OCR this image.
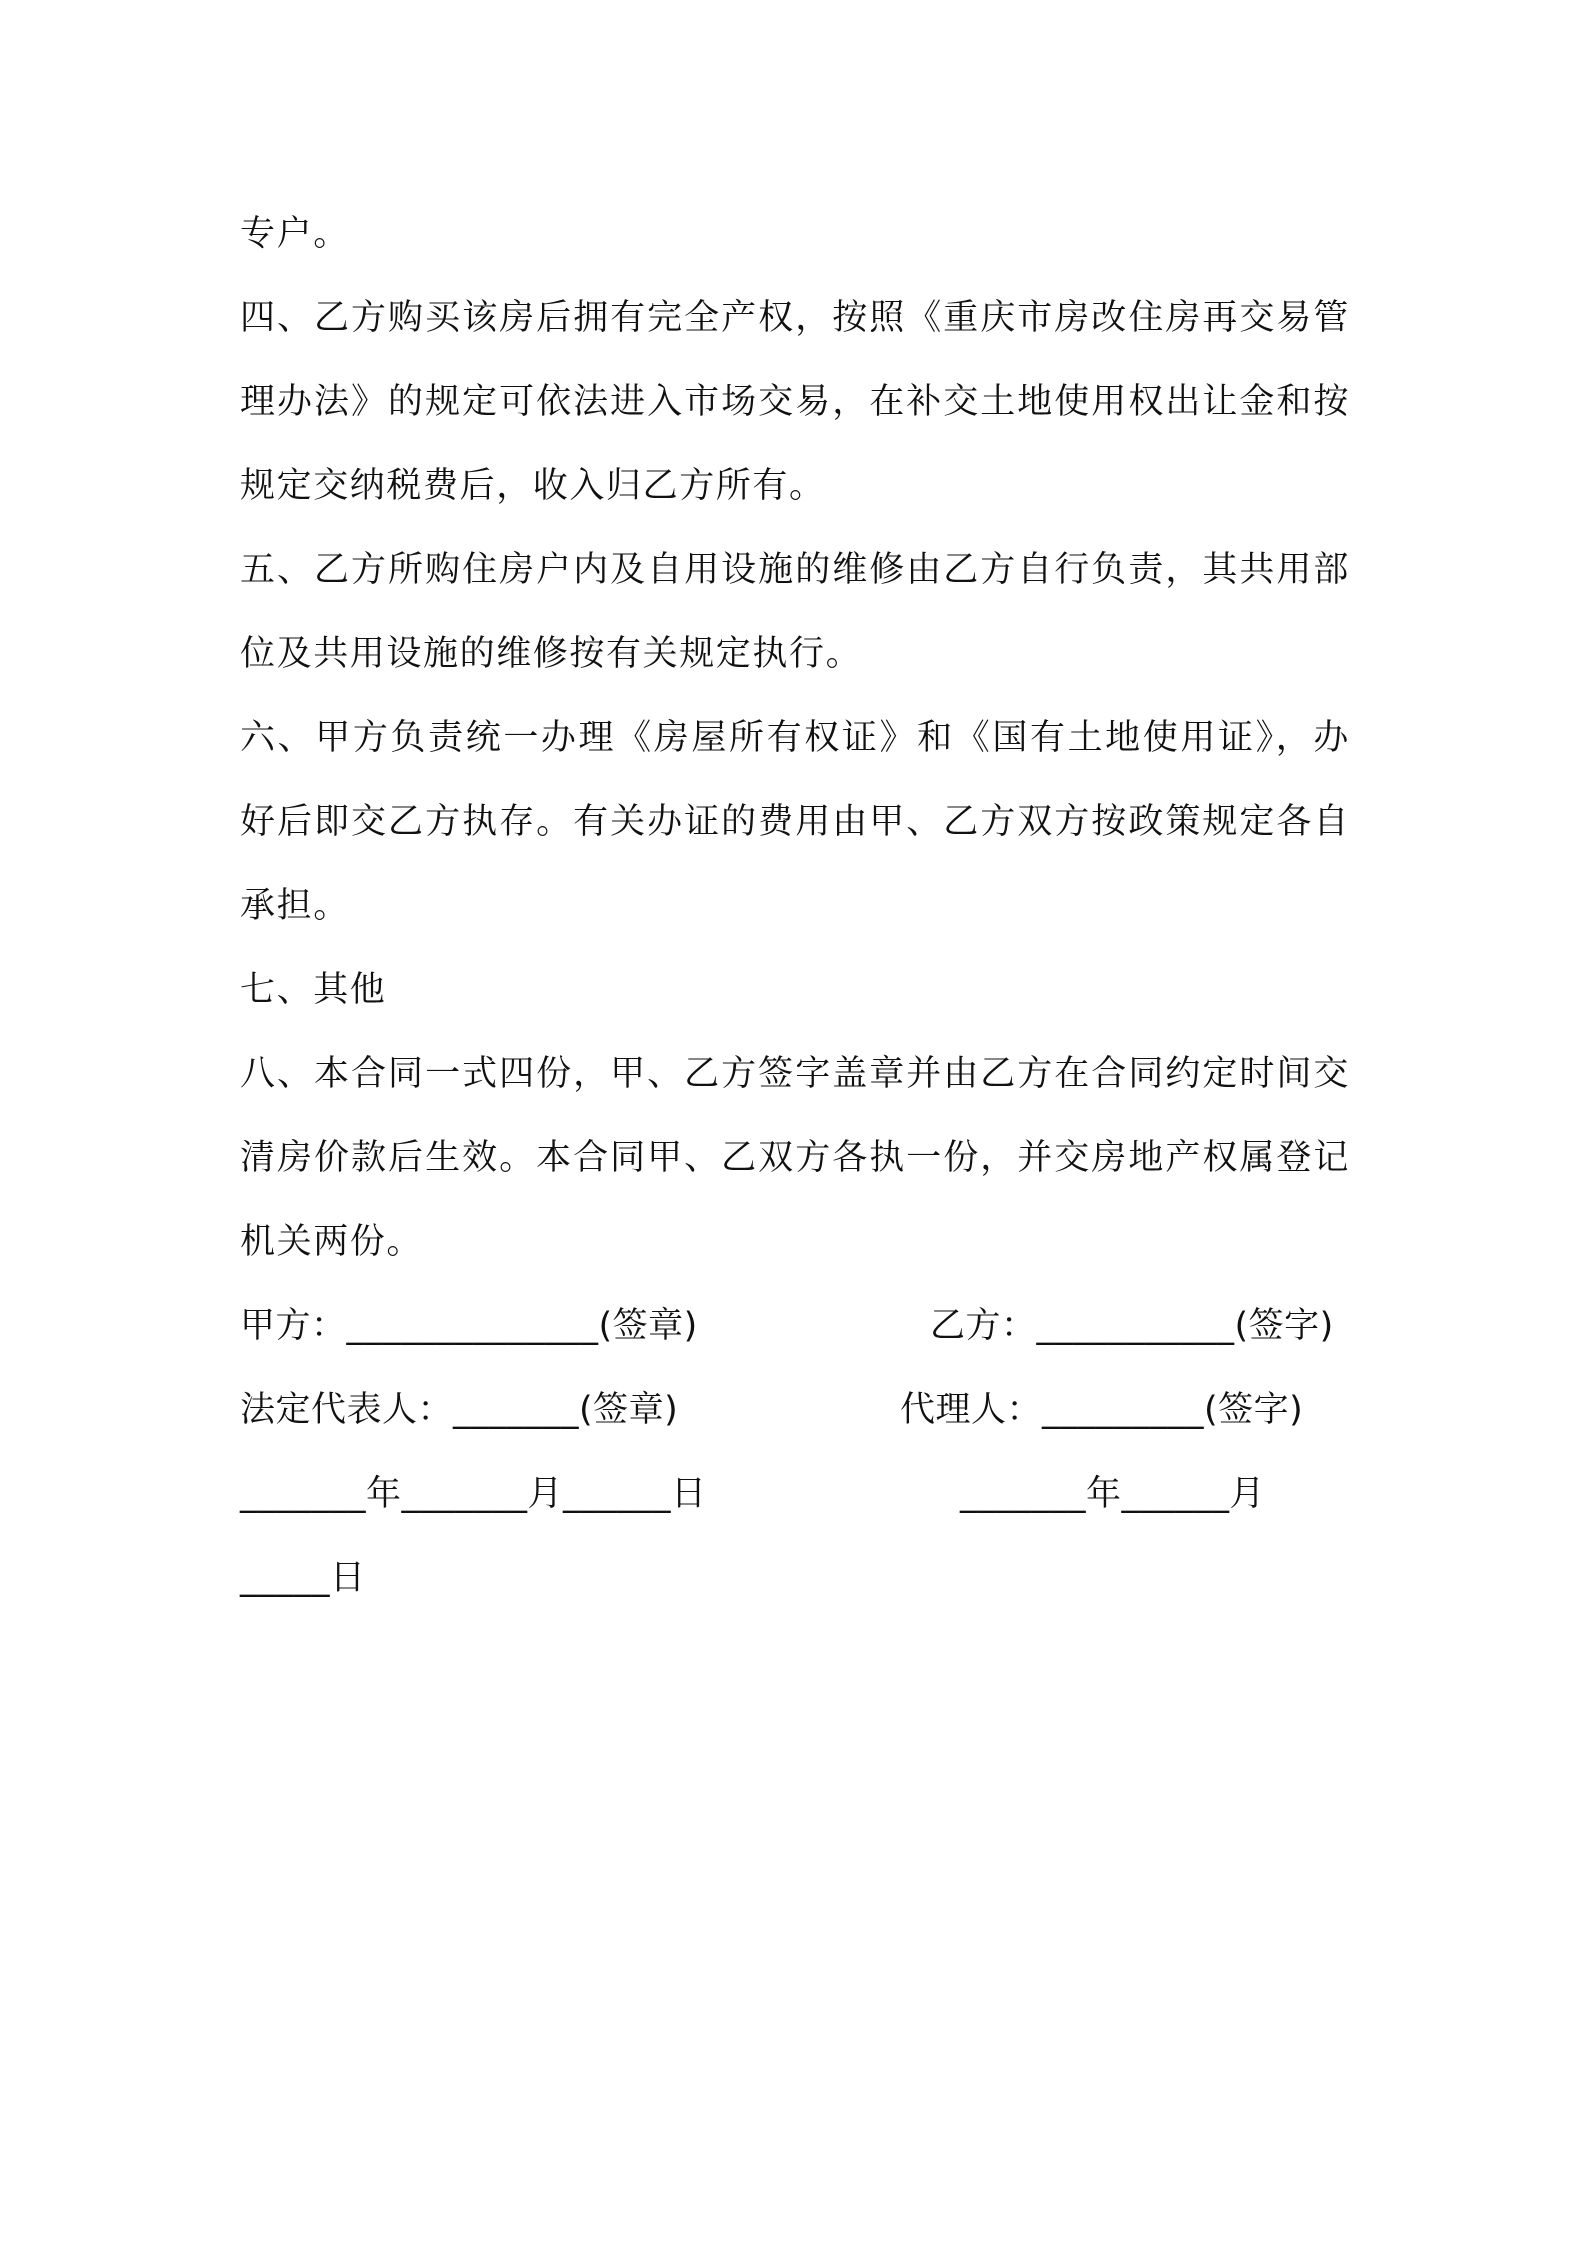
专户。
四、乙方购买该房后拥有完全产权，按照《重庆市房改住房再交易管
理办法》的规定可依法进入市场交易，在补交土地使用权出让金和按
规定交纳税费后，收入归乙方所有。
五、乙方所购住房户内及自用设施的维修由乙方自行负责，其共用部
位及共用设施的维修按有关规定执行。
六、甲方负责统一办理《房屋所有权证》和《国有土地使用证》，办
好后即交乙方执存。有关办证的费用由甲、乙方双方按政策规定各自
承担。
七、其他
八、本合同一式四份，甲、乙方签字盖章并由乙方在合同约定时间交
清房价款后生效。本合同甲、乙双方各执一份，并交房地产权属登记
机关两份。
甲方：______________(签章)	乙方：___________(签字)
法定代表人：_______(签章)	代理人：_________(签字)
_______年_______月______日	_______年______月
_____日
